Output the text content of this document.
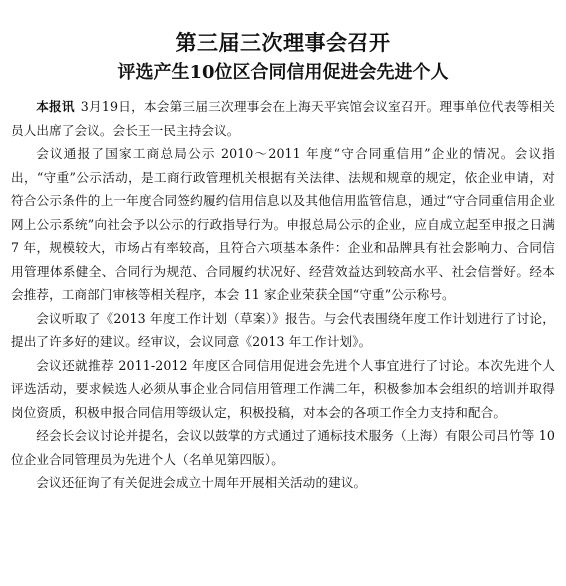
第三届三次理事会召开
评选产生10位区合同信用促进会先进个人

本报讯 3月19日，本会第三届三次理事会在上海天平宾馆会议室召开。理事单位代表等相关员人出席了会议。会长王一民主持会议。

会议通报了国家工商总局公示 2010～2011 年度“守合同重信用”企业的情况。会议指出，“守重”公示活动，是工商行政管理机关根据有关法律、法规和规章的规定，依企业申请，对符合公示条件的上一年度合同签约履约信用信息以及其他信用监管信息，通过“守合同重信用企业网上公示系统”向社会予以公示的行政指导行为。申报总局公示的企业，应自成立起至申报之日满 7 年，规模较大，市场占有率较高，且符合六项基本条件：企业和品牌具有社会影响力、合同信用管理体系健全、合同行为规范、合同履约状况好、经营效益达到较高水平、社会信誉好。经本会推荐，工商部门审核等相关程序，本会 11 家企业荣获全国“守重”公示称号。

会议听取了《2013 年度工作计划（草案）》报告。与会代表围绕年度工作计划进行了讨论，提出了许多好的建议。经审议，会议同意《2013 年工作计划》。

会议还就推荐 2011-2012 年度区合同信用促进会先进个人事宜进行了讨论。本次先进个人评选活动，要求候选人必须从事企业合同信用管理工作满二年，积极参加本会组织的培训并取得岗位资质，积极申报合同信用等级认定，积极投稿，对本会的各项工作全力支持和配合。

经会长会议讨论并提名，会议以鼓掌的方式通过了通标技术服务（上海）有限公司吕竹等 10 位企业合同管理员为先进个人（名单见第四版）。

会议还征询了有关促进会成立十周年开展相关活动的建议。
